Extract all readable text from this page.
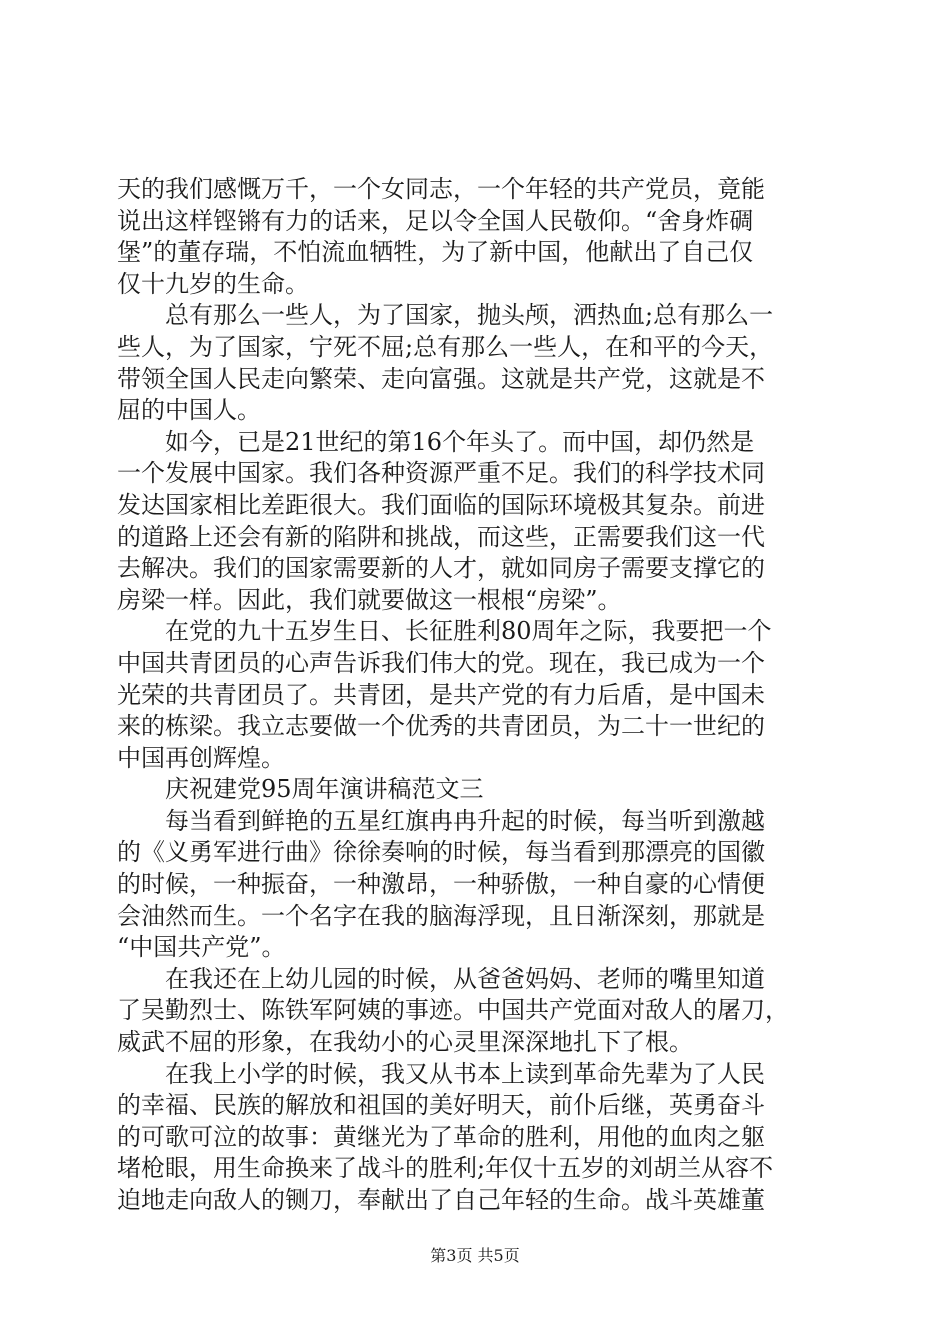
天的我们感慨万千，一个女同志，一个年轻的共产党员，竟能
说出这样铿锵有力的话来，足以令全国人民敬仰。“舍身炸碉
堡”的董存瑞，不怕流血牺牲，为了新中国，他献出了自己仅
仅十九岁的生命。
　　总有那么一些人，为了国家，抛头颅，洒热血;总有那么一
些人，为了国家，宁死不屈;总有那么一些人，在和平的今天，
带领全国人民走向繁荣、走向富强。这就是共产党，这就是不
屈的中国人。
　　如今，已是21世纪的第16个年头了。而中国，却仍然是
一个发展中国家。我们各种资源严重不足。我们的科学技术同
发达国家相比差距很大。我们面临的国际环境极其复杂。前进
的道路上还会有新的陷阱和挑战，而这些，正需要我们这一代
去解决。我们的国家需要新的人才，就如同房子需要支撑它的
房梁一样。因此，我们就要做这一根根“房梁”。
　　在党的九十五岁生日、长征胜利80周年之际，我要把一个
中国共青团员的心声告诉我们伟大的党。现在，我已成为一个
光荣的共青团员了。共青团，是共产党的有力后盾，是中国未
来的栋梁。我立志要做一个优秀的共青团员，为二十一世纪的
中国再创辉煌。
　　庆祝建党95周年演讲稿范文三
　　每当看到鲜艳的五星红旗冉冉升起的时候，每当听到激越
的《义勇军进行曲》徐徐奏响的时候，每当看到那漂亮的国徽
的时候，一种振奋，一种激昂，一种骄傲，一种自豪的心情便
会油然而生。一个名字在我的脑海浮现，且日渐深刻，那就是
“中国共产党”。
　　在我还在上幼儿园的时候，从爸爸妈妈、老师的嘴里知道
了吴勤烈士、陈铁军阿姨的事迹。中国共产党面对敌人的屠刀，
威武不屈的形象，在我幼小的心灵里深深地扎下了根。
　　在我上小学的时候，我又从书本上读到革命先辈为了人民
的幸福、民族的解放和祖国的美好明天，前仆后继，英勇奋斗
的可歌可泣的故事：黄继光为了革命的胜利，用他的血肉之躯
堵枪眼，用生命换来了战斗的胜利;年仅十五岁的刘胡兰从容不
迫地走向敌人的铡刀，奉献出了自己年轻的生命。战斗英雄董
第3页 共5页
